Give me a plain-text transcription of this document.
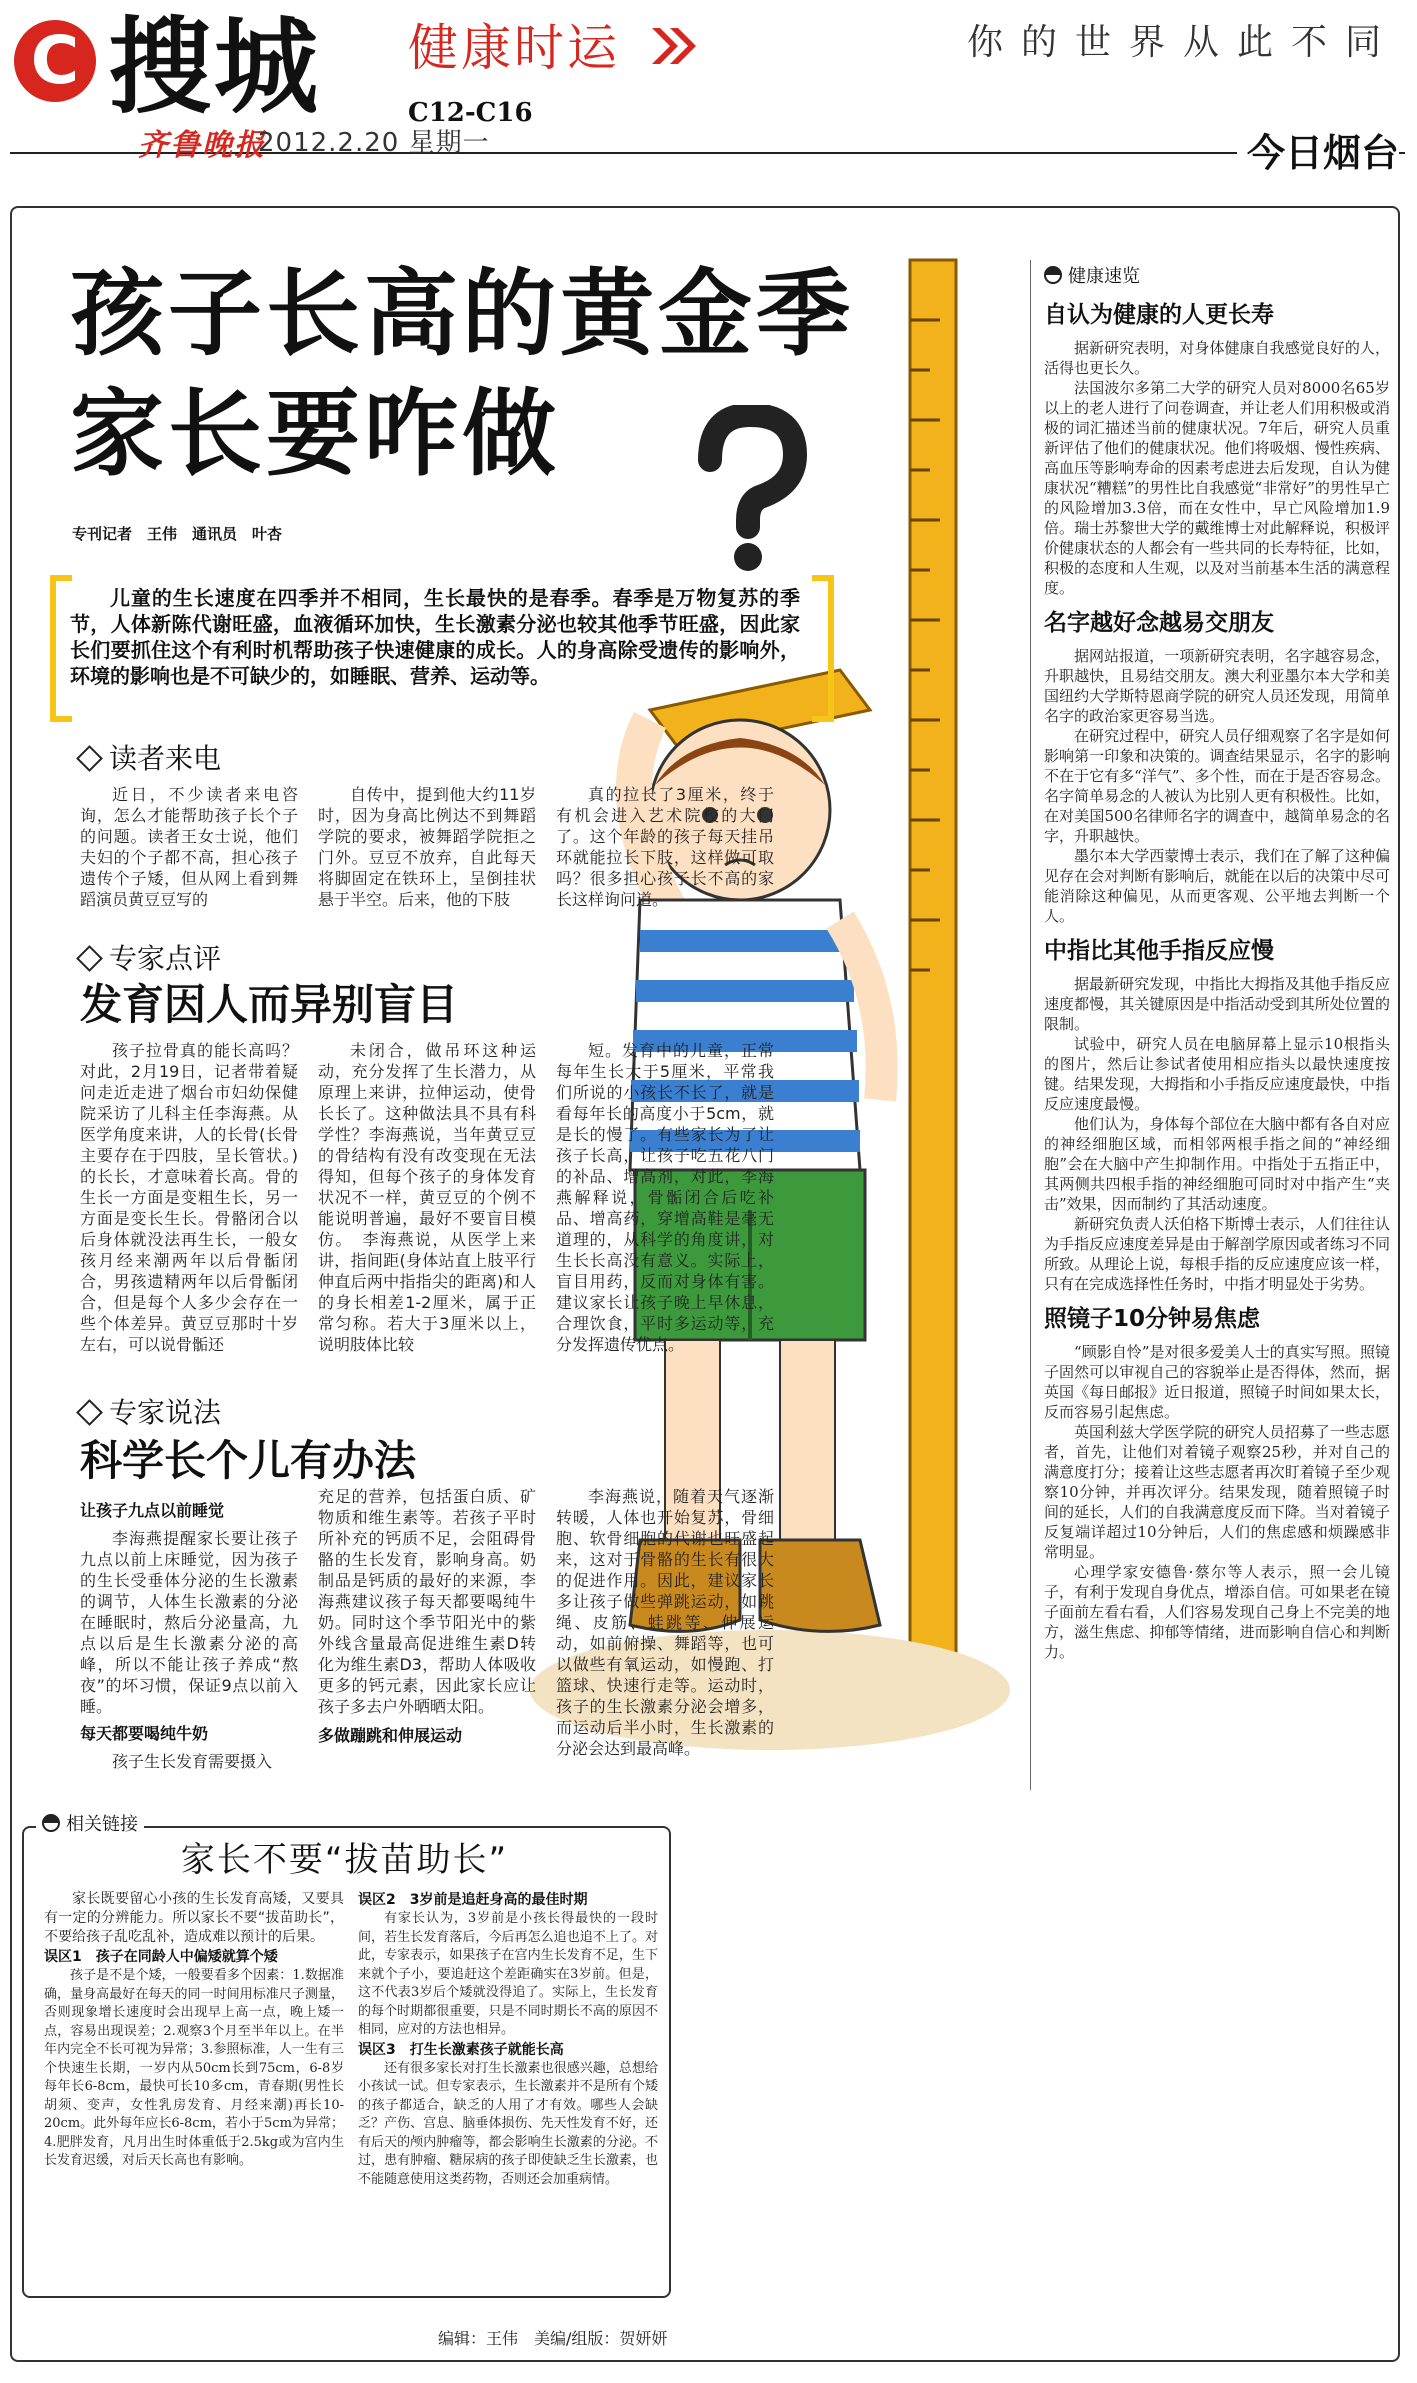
C 搜城 健康时运
C12-C16
你的世界从此不同
齐鲁晚报
2012.2.20 星期一	今日烟台
孩子长高的黄金季
家长要咋做
专刊记者　王伟　通讯员　叶杏
儿童的生长速度在四季并不相同，生长最快的是春季。春季是万物复苏的季节，人体新陈代谢旺盛，血液循环加快，生长激素分泌也较其他季节旺盛，因此家长们要抓住这个有利时机帮助孩子快速健康的成长。人的身高除受遗传的影响外，环境的影响也是不可缺少的，如睡眠、营养、运动等。
读者来电
近日，不少读者来电咨询，怎么才能帮助孩子长个子的问题。读者王女士说，他们夫妇的个子都不高，担心孩子遗传个子矮，但从网上看到舞蹈演员黄豆豆写的
自传中，提到他大约11岁时，因为身高比例达不到舞蹈学院的要求，被舞蹈学院拒之门外。豆豆不放弃，自此每天将脚固定在铁环上，呈倒挂状悬于半空。后来，他的下肢
真的拉长了3厘米，终于有机会进入艺术院校的大门了。这个年龄的孩子每天挂吊环就能拉长下肢，这样做可取吗？很多担心孩子长不高的家长这样询问道。
专家点评
发育因人而异别盲目
孩子拉骨真的能长高吗？对此，2月19日，记者带着疑问走近走进了烟台市妇幼保健院采访了儿科主任李海燕。从医学角度来讲，人的长骨(长骨主要存在于四肢，呈长管状。)的长长，才意味着长高。骨的生长一方面是变粗生长，另一方面是变长生长。骨骼闭合以后身体就没法再生长，一般女孩月经来潮两年以后骨骺闭合，男孩遗精两年以后骨骺闭合，但是每个人多少会存在一些个体差异。黄豆豆那时十岁左右，可以说骨骺还
未闭合，做吊环这种运动，充分发挥了生长潜力，从原理上来讲，拉伸运动，使骨长长了。这种做法具不具有科学性？李海燕说，当年黄豆豆的骨结构有没有改变现在无法得知，但每个孩子的身体发育状况不一样，黄豆豆的个例不能说明普遍，最好不要盲目模仿。　李海燕说，从医学上来讲，指间距(身体站直上肢平行伸直后两中指指尖的距离)和人的身长相差1-2厘米，属于正常匀称。若大于3厘米以上，说明肢体比较
短。发育中的儿童，正常每年生长大于5厘米，平常我们所说的小孩长不长了，就是看每年长的高度小于5cm，就是长的慢了。有些家长为了让孩子长高，让孩子吃五花八门的补品、增高剂，对此，李海燕解释说，骨骺闭合后吃补品、增高药，穿增高鞋是毫无道理的，从科学的角度讲，对生长长高没有意义。实际上，盲目用药，反而对身体有害。建议家长让孩子晚上早休息，合理饮食，平时多运动等，充分发挥遗传优点。
专家说法
科学长个儿有办法
让孩子九点以前睡觉
李海燕提醒家长要让孩子九点以前上床睡觉，因为孩子的生长受垂体分泌的生长激素的调节，人体生长激素的分泌在睡眠时，熬后分泌量高，九点以后是生长激素分泌的高峰，所以不能让孩子养成“熬夜”的坏习惯，保证9点以前入睡。
每天都要喝纯牛奶
孩子生长发育需要摄入
充足的营养，包括蛋白质、矿物质和维生素等。若孩子平时所补充的钙质不足，会阻碍骨骼的生长发育，影响身高。奶制品是钙质的最好的来源，李海燕建议孩子每天都要喝纯牛奶。同时这个季节阳光中的紫外线含量最高促进维生素D转化为维生素D3，帮助人体吸收更多的钙元素，因此家长应让孩子多去户外晒晒太阳。
多做蹦跳和伸展运动
李海燕说，随着天气逐渐转暖，人体也开始复苏，骨细胞、软骨细胞的代谢也旺盛起来，这对于骨骼的生长有很大的促进作用。因此，建议家长多让孩子做些弹跳运动，如跳绳、皮筋、蛙跳等、伸展运动，如前俯操、舞蹈等，也可以做些有氧运动，如慢跑、打篮球、快速行走等。运动时，孩子的生长激素分泌会增多，而运动后半小时，生长激素的分泌会达到最高峰。
健康速览
自认为健康的人更长寿
据新研究表明，对身体健康自我感觉良好的人，活得也更长久。
法国波尔多第二大学的研究人员对8000名65岁以上的老人进行了问卷调查，并让老人们用积极或消极的词汇描述当前的健康状况。7年后，研究人员重新评估了他们的健康状况。他们将吸烟、慢性疾病、高血压等影响寿命的因素考虑进去后发现，自认为健康状况“糟糕”的男性比自我感觉“非常好”的男性早亡的风险增加3.3倍，而在女性中，早亡风险增加1.9倍。瑞士苏黎世大学的戴维博士对此解释说，积极评价健康状态的人都会有一些共同的长寿特征，比如，积极的态度和人生观，以及对当前基本生活的满意程度。
名字越好念越易交朋友
据网站报道，一项新研究表明，名字越容易念，升职越快，且易结交朋友。澳大利亚墨尔本大学和美国纽约大学斯特恩商学院的研究人员还发现，用简单名字的政治家更容易当选。
在研究过程中，研究人员仔细观察了名字是如何影响第一印象和决策的。调查结果显示，名字的影响不在于它有多“洋气”、多个性，而在于是否容易念。名字简单易念的人被认为比别人更有积极性。比如，在对美国500名律师名字的调查中，越简单易念的名字，升职越快。
墨尔本大学西蒙博士表示，我们在了解了这种偏见存在会对判断有影响后，就能在以后的决策中尽可能消除这种偏见，从而更客观、公平地去判断一个人。
中指比其他手指反应慢
据最新研究发现，中指比大拇指及其他手指反应速度都慢，其关键原因是中指活动受到其所处位置的限制。
试验中，研究人员在电脑屏幕上显示10根指头的图片，然后让参试者使用相应指头以最快速度按键。结果发现，大拇指和小手指反应速度最快，中指反应速度最慢。
他们认为，身体每个部位在大脑中都有各自对应的神经细胞区域，而相邻两根手指之间的“神经细胞”会在大脑中产生抑制作用。中指处于五指正中，其两侧共四根手指的神经细胞可同时对中指产生“夹击”效果，因而制约了其活动速度。
新研究负责人沃伯格下斯博士表示，人们往往认为手指反应速度差异是由于解剖学原因或者练习不同所致。从理论上说，每根手指的反应速度应该一样，只有在完成选择性任务时，中指才明显处于劣势。
照镜子10分钟易焦虑
“顾影自怜”是对很多爱美人士的真实写照。照镜子固然可以审视自己的容貌举止是否得体，然而，据英国《每日邮报》近日报道，照镜子时间如果太长，反而容易引起焦虑。
英国利兹大学医学院的研究人员招募了一些志愿者，首先，让他们对着镜子观察25秒，并对自己的满意度打分；接着让这些志愿者再次盯着镜子至少观察10分钟，并再次评分。结果发现，随着照镜子时间的延长，人们的自我满意度反而下降。当对着镜子反复端详超过10分钟后，人们的焦虑感和烦躁感非常明显。
心理学家安德鲁·蔡尔等人表示，照一会儿镜子，有利于发现自身优点，增添自信。可如果老在镜子面前左看右看，人们容易发现自己身上不完美的地方，滋生焦虑、抑郁等情绪，进而影响自信心和判断力。
相关链接
家长不要“拔苗助长”
家长既要留心小孩的生长发育高矮，又要具有一定的分辨能力。所以家长不要“拔苗助长”，不要给孩子乱吃乱补，造成难以预计的后果。
误区1　孩子在同龄人中偏矮就算个矮
孩子是不是个矮，一般要看多个因素：1.数据准确，量身高最好在每天的同一时间用标准尺子测量，否则现象增长速度时会出现早上高一点，晚上矮一点，容易出现误差；2.观察3个月至半年以上。在半年内完全不长可视为异常；3.参照标准，人一生有三个快速生长期，一岁内从50cm长到75cm，6-8岁每年长6-8cm，最快可长10多cm，青春期(男性长胡须、变声，女性乳房发育、月经来潮)再长10-20cm。此外每年应长6-8cm，若小于5cm为异常；4.肥胖发育，凡月出生时体重低于2.5kg或为宫内生长发育迟缓，对后天长高也有影响。
误区2　3岁前是追赶身高的最佳时期
有家长认为，3岁前是小孩长得最快的一段时间，若生长发育落后，今后再怎么追也追不上了。对此，专家表示，如果孩子在宫内生长发育不足，生下来就个子小，要追赶这个差距确实在3岁前。但是，这不代表3岁后个矮就没得追了。实际上，生长发育的每个时期都很重要，只是不同时期长不高的原因不相同，应对的方法也相异。
误区3　打生长激素孩子就能长高
还有很多家长对打生长激素也很感兴趣，总想给小孩试一试。但专家表示，生长激素并不是所有个矮的孩子都适合，缺乏的人用了才有效。哪些人会缺乏？产伤、宫息、脑垂体损伤、先天性发育不好，还有后天的颅内肿瘤等，都会影响生长激素的分泌。不过，患有肿瘤、糖尿病的孩子即使缺乏生长激素，也不能随意使用这类药物，否则还会加重病情。
编辑：王伟　美编/组版：贺妍妍
